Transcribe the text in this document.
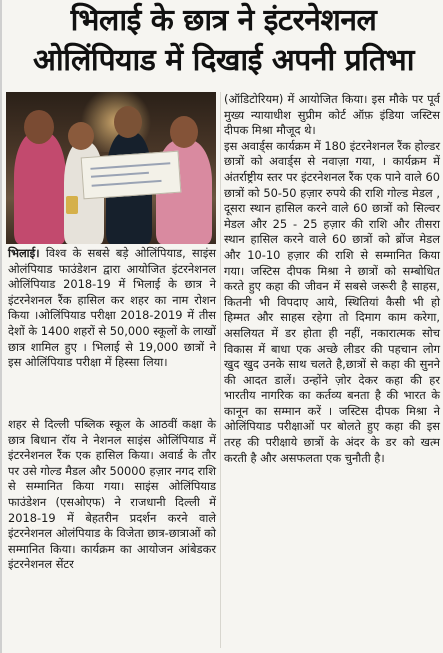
भिलाई के छात्र ने इंटरनेशनल
ओलिंपियाड में दिखाई अपनी प्रतिभा

भिलाई। विश्व के सबसे बड़े ओलिंपियाड, साइंस ओलंपियाड फाउंडेशन द्वारा आयोजित इंटरनेशनल ओलिंपियाड 2018-19 में भिलाई के छात्र ने इंटरनेशनल रैंक हासिल कर शहर का नाम रोशन किया ।ओलिंपियाड परीक्षा 2018-2019 में तीस देशों के 1400 शहरों से 50,000 स्कूलों के लाखों छात्र शामिल हुए । भिलाई से 19,000 छात्रों ने इस ओलिंपियाड परीक्षा में हिस्सा लिया।

शहर से दिल्ली पब्लिक स्कूल के आठवीं कक्षा के छात्र बिधान रॉय ने नेशनल साइंस ओलिंपियाड में इंटरनेशनल रैंक एक हासिल किया। अवार्ड के तौर पर उसे गोल्ड मैडल और 50000 हज़ार नगद राशि से सम्मानित किया गया। साइंस ओलिंपियाड फाउंडेशन (एसओएफ) ने राजधानी दिल्ली में 2018-19 में बेहतरीन प्रदर्शन करने वाले इंटरनेशनल ओलंपियाड के विजेता छात्र-छात्राओं को सम्मानित किया। कार्यक्रम का आयोजन आंबेडकर इंटरनेशनल सेंटर

(ऑडिटोरियम) में आयोजित किया। इस मौके पर पूर्व मुख्य न्यायाधीश सुप्रीम कोर्ट ऑफ़ इंडिया जस्टिस दीपक मिश्रा मौजूद थे।

इस अवार्ड्स कार्यक्रम में 180 इंटरनेशनल रैंक होल्डर छात्रों को अवार्ड्स से नवाज़ा गया, । कार्यक्रम में अंतर्राष्ट्रीय स्तर पर इंटरनेशनल रैंक एक पाने वाले 60 छात्रों को 50-50 हज़ार रुपये की राशि गोल्ड मेडल , दूसरा स्थान हासिल करने वाले 60 छात्रों को सिल्वर मेडल और 25 - 25 हज़ार की राशि और तीसरा स्थान हासिल करने वाले 60 छात्रों को ब्रोंज मेडल और 10-10 हज़ार की राशि से सम्मानित किया गया। जस्टिस दीपक मिश्रा ने छात्रों को सम्बोधित करते हुए कहा की जीवन में सबसे जरूरी है साहस, कितनी भी विपदाए आये, स्थितियां कैसी भी हो हिम्मत और साहस रहेगा तो दिमाग काम करेगा, असलियत में डर होता ही नहीं, नकारात्मक सोच विकास में बाधा एक अच्छे लीडर की पहचान लोग खुद खुद उनके साथ चलते है,छात्रों से कहा की सुनने की आदत डालें। उन्होंने ज़ोर देकर कहा की हर भारतीय नागरिक का कर्तव्य बनता है की भारत के कानून का सम्मान करें । जस्टिस दीपक मिश्रा ने ओलिंपियाड परीक्षाओं पर बोलते हुए कहा की इस तरह की परीक्षाये छात्रों के अंदर के डर को खत्म करती है और असफलता एक चुनौती है।
